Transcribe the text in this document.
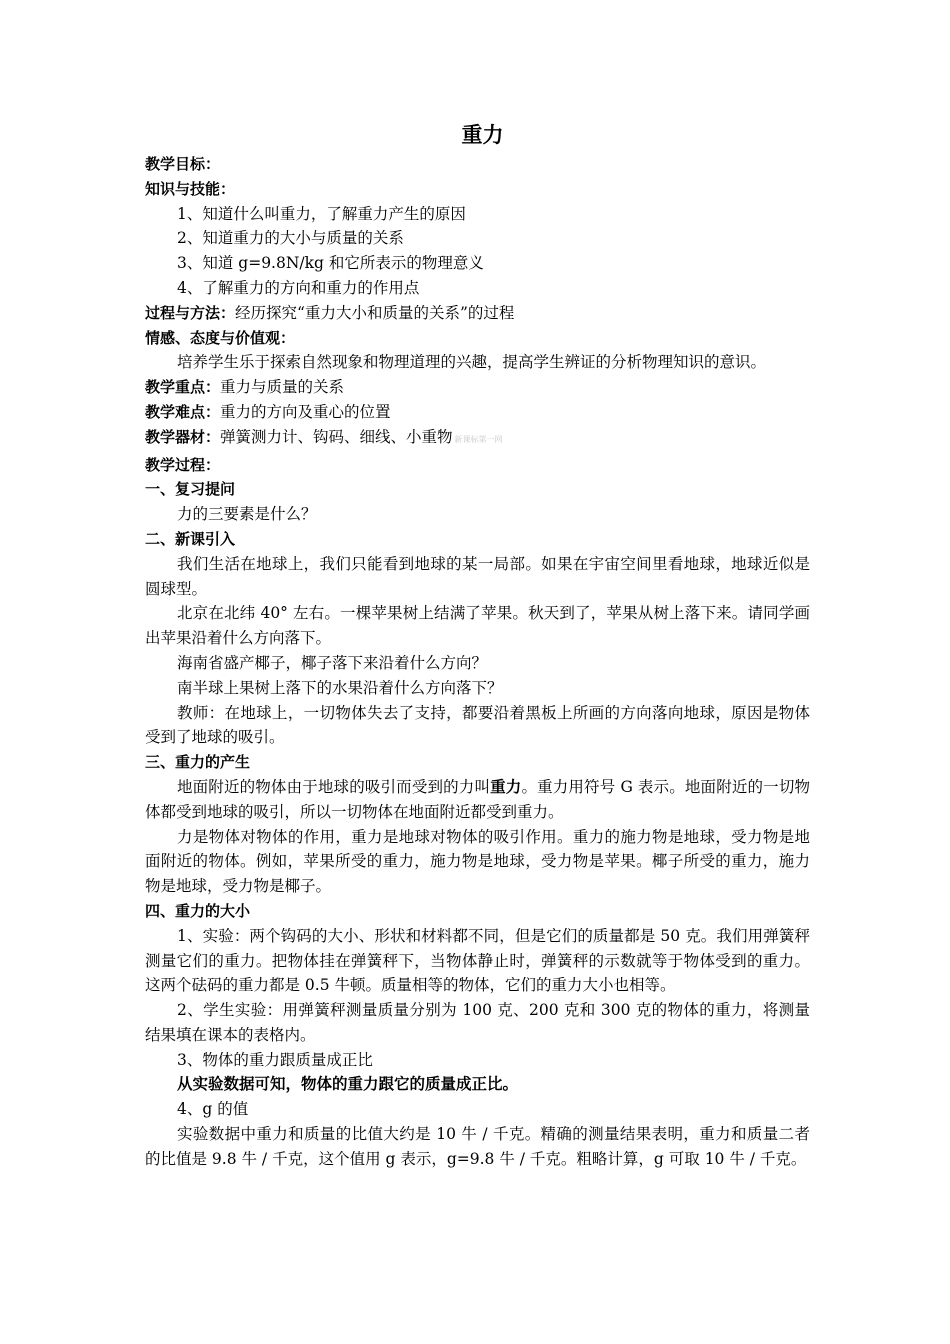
重力
教学目标：
知识与技能：
1、知道什么叫重力，了解重力产生的原因
2、知道重力的大小与质量的关系
3、知道 g=9.8N/kg 和它所表示的物理意义
4、了解重力的方向和重力的作用点
过程与方法：经历探究“重力大小和质量的关系”的过程
情感、态度与价值观：
培养学生乐于探索自然现象和物理道理的兴趣，提高学生辨证的分析物理知识的意识。
教学重点：重力与质量的关系
教学难点：重力的方向及重心的位置
教学器材：弹簧测力计、钩码、细线、小重物 新课标第一网
教学过程：
一、复习提问
力的三要素是什么？
二、新课引入

我们生活在地球上，我们只能看到地球的某一局部。如果在宇宙空间里看地球，地球近似是圆球型。

北京在北纬 40° 左右。一棵苹果树上结满了苹果。秋天到了，苹果从树上落下来。请同学画出苹果沿着什么方向落下。

海南省盛产椰子，椰子落下来沿着什么方向？

南半球上果树上落下的水果沿着什么方向落下？

教师：在地球上，一切物体失去了支持，都要沿着黑板上所画的方向落向地球，原因是物体受到了地球的吸引。

三、重力的产生

地面附近的物体由于地球的吸引而受到的力叫重力。重力用符号 G 表示。地面附近的一切物体都受到地球的吸引，所以一切物体在地面附近都受到重力。

力是物体对物体的作用，重力是地球对物体的吸引作用。重力的施力物是地球，受力物是地面附近的物体。例如，苹果所受的重力，施力物是地球，受力物是苹果。椰子所受的重力，施力物是地球，受力物是椰子。

四、重力的大小

1、实验：两个钩码的大小、形状和材料都不同，但是它们的质量都是 50 克。我们用弹簧秤测量它们的重力。把物体挂在弹簧秤下，当物体静止时，弹簧秤的示数就等于物体受到的重力。 这两个砝码的重力都是 0.5 牛顿。质量相等的物体，它们的重力大小也相等。

2、学生实验：用弹簧秤测量质量分别为 100 克、200 克和 300 克的物体的重力，将测量结果填在课本的表格内。

3、物体的重力跟质量成正比

从实验数据可知，物体的重力跟它的质量成正比。

4、g 的值

实验数据中重力和质量的比值大约是 10 牛 / 千克。精确的测量结果表明，重力和质量二者的比值是 9.8 牛 / 千克，这个值用 g 表示，g=9.8 牛 / 千克。粗略计算，g 可取 10 牛 / 千克。
